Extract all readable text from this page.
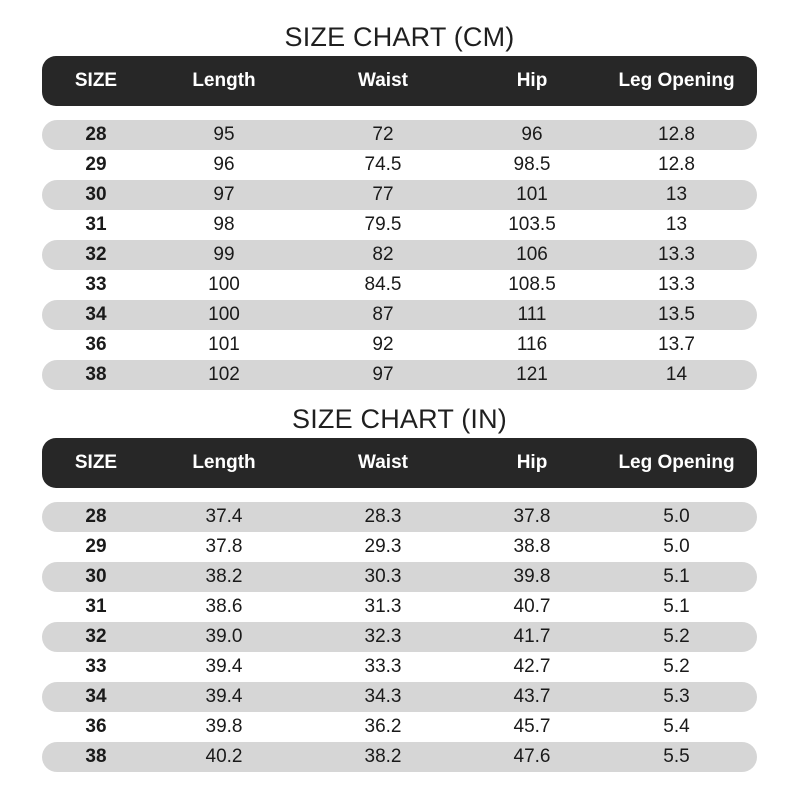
SIZE CHART (CM)
SIZE	Length	Waist	Hip	Leg Opening
28	95	72	96	12.8
29	96	74.5	98.5	12.8
30	97	77	101	13
31	98	79.5	103.5	13
32	99	82	106	13.3
33	100	84.5	108.5	13.3
34	100	87	111	13.5
36	101	92	116	13.7
38	102	97	121	14
SIZE CHART (IN)
SIZE	Length	Waist	Hip	Leg Opening
28	37.4	28.3	37.8	5.0
29	37.8	29.3	38.8	5.0
30	38.2	30.3	39.8	5.1
31	38.6	31.3	40.7	5.1
32	39.0	32.3	41.7	5.2
33	39.4	33.3	42.7	5.2
34	39.4	34.3	43.7	5.3
36	39.8	36.2	45.7	5.4
38	40.2	38.2	47.6	5.5
